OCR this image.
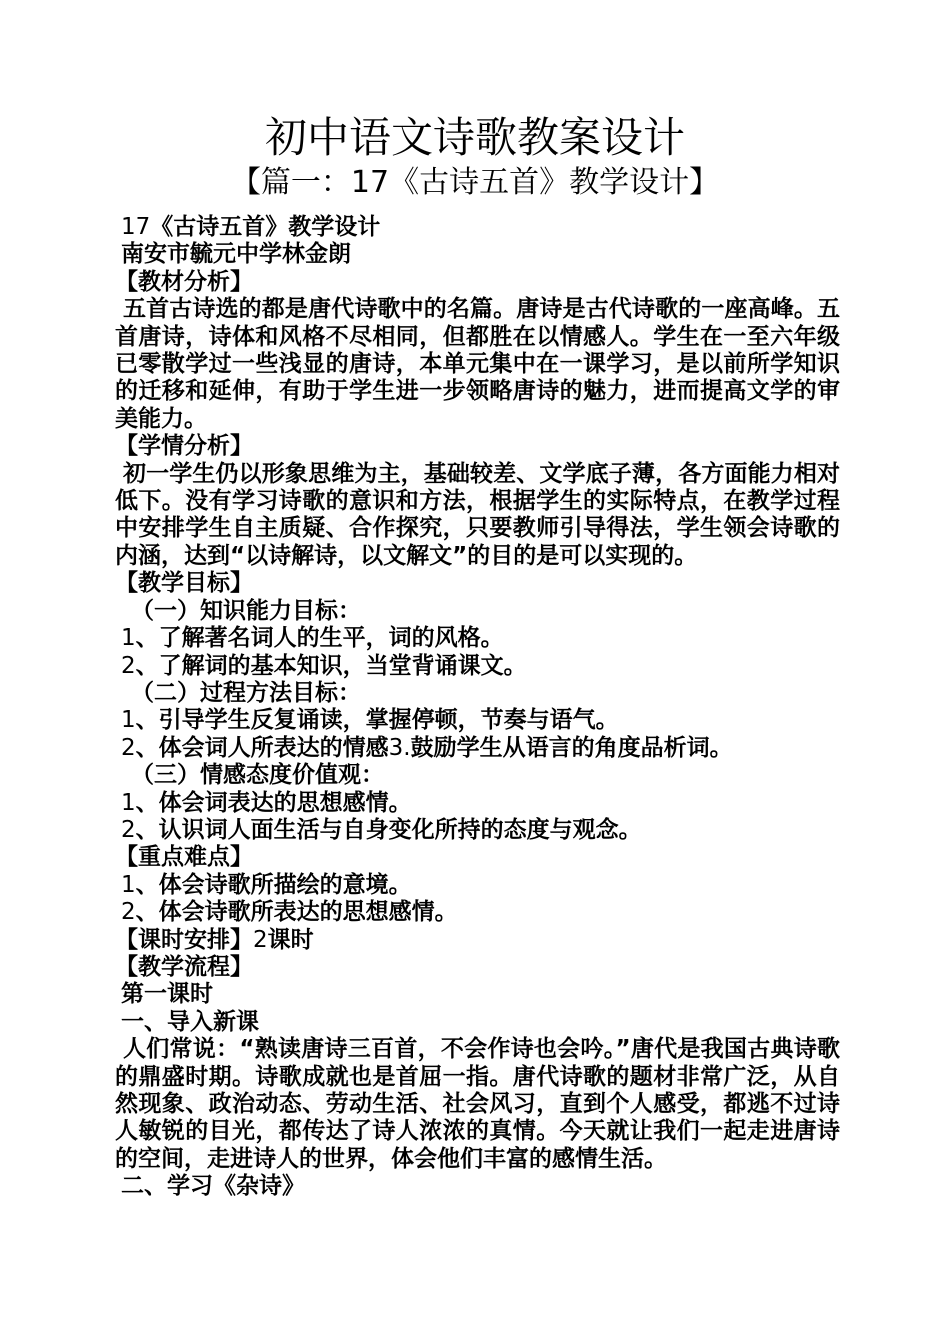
初中语文诗歌教案设计
【篇一：17《古诗五首》教学设计】
17《古诗五首》教学设计
南安市毓元中学林金朗
【教材分析】
五首古诗选的都是唐代诗歌中的名篇。唐诗是古代诗歌的一座高峰。五首唐诗，诗体和风格不尽相同，但都胜在以情感人。学生在一至六年级已零散学过一些浅显的唐诗，本单元集中在一课学习，是以前所学知识的迁移和延伸，有助于学生进一步领略唐诗的魅力，进而提高文学的审美能力。
【学情分析】
初一学生仍以形象思维为主，基础较差、文学底子薄，各方面能力相对低下。没有学习诗歌的意识和方法，根据学生的实际特点，在教学过程中安排学生自主质疑、合作探究，只要教师引导得法，学生领会诗歌的内涵，达到“以诗解诗，以文解文”的目的是可以实现的。
【教学目标】
（一）知识能力目标：
1、了解著名词人的生平，词的风格。
2、了解词的基本知识，当堂背诵课文。
（二）过程方法目标：
1、引导学生反复诵读，掌握停顿，节奏与语气。
2、体会词人所表达的情感3.鼓励学生从语言的角度品析词。
（三）情感态度价值观：
1、体会词表达的思想感情。
2、认识词人面生活与自身变化所持的态度与观念。
【重点难点】
1、体会诗歌所描绘的意境。
2、体会诗歌所表达的思想感情。
【课时安排】2课时
【教学流程】
第一课时
一、导入新课
人们常说：“熟读唐诗三百首，不会作诗也会吟。”唐代是我国古典诗歌的鼎盛时期。诗歌成就也是首屈一指。唐代诗歌的题材非常广泛，从自然现象、政治动态、劳动生活、社会风习，直到个人感受，都逃不过诗人敏锐的目光，都传达了诗人浓浓的真情。今天就让我们一起走进唐诗的空间，走进诗人的世界，体会他们丰富的感情生活。
二、学习《杂诗》
